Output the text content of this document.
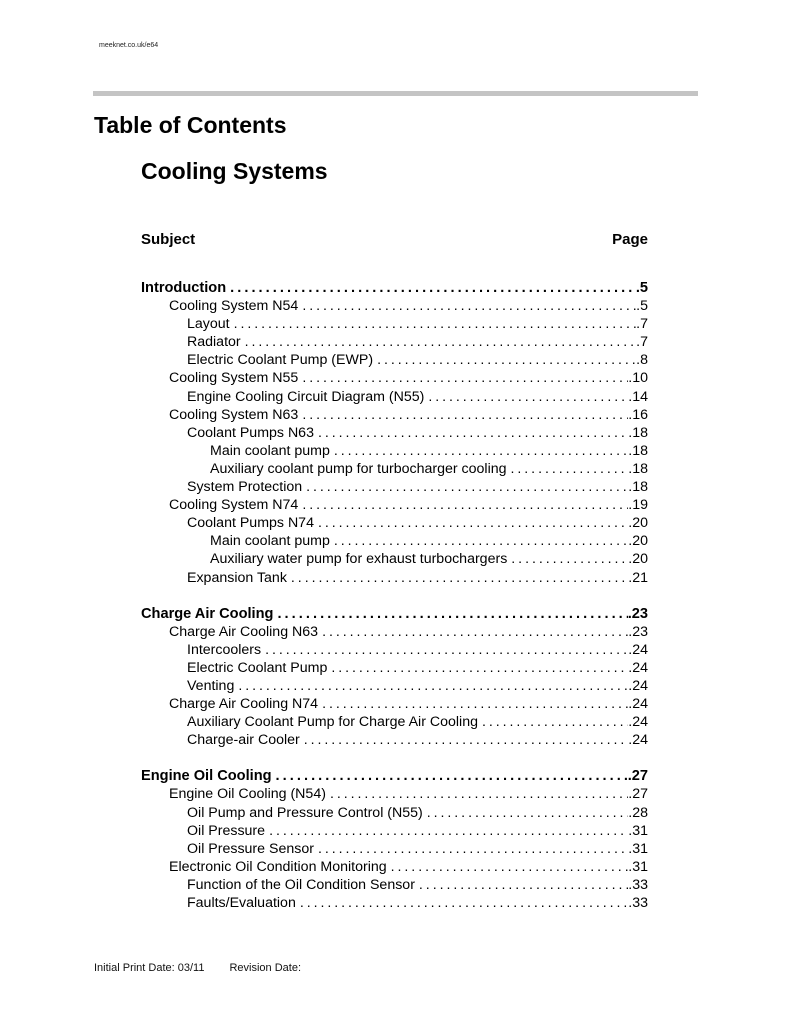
meeknet.co.uk/e64
Table of Contents
Cooling Systems
Subject	Page
Introduction . . .	.5
Cooling System N54 . . .	.5
Layout . . .	.7
Radiator . . .	.7
Electric Coolant Pump (EWP) . . .	.8
Cooling System N55 . . .	.10
Engine Cooling Circuit Diagram (N55) . . .	.14
Cooling System N63 . . .	.16
Coolant Pumps N63 . . .	.18
Main coolant pump . . .	.18
Auxiliary coolant pump for turbocharger cooling . . .	.18
System Protection . . .	.18
Cooling System N74 . . .	.19
Coolant Pumps N74 . . .	.20
Main coolant pump . . .	.20
Auxiliary water pump for exhaust turbochargers . . .	.20
Expansion Tank . . .	.21
Charge Air Cooling . . .	.23
Charge Air Cooling N63 . . .	.23
Intercoolers . . .	.24
Electric Coolant Pump . . .	.24
Venting . . .	.24
Charge Air Cooling N74 . . .	.24
Auxiliary Coolant Pump for Charge Air Cooling . . .	.24
Charge-air Cooler . . .	.24
Engine Oil Cooling . . .	.27
Engine Oil Cooling (N54) . . .	.27
Oil Pump and Pressure Control (N55) . . .	.28
Oil Pressure . . .	.31
Oil Pressure Sensor . . .	.31
Electronic Oil Condition Monitoring . . .	.31
Function of the Oil Condition Sensor . . .	.33
Faults/Evaluation . . .	.33
Initial Print Date: 03/11 Revision Date:
